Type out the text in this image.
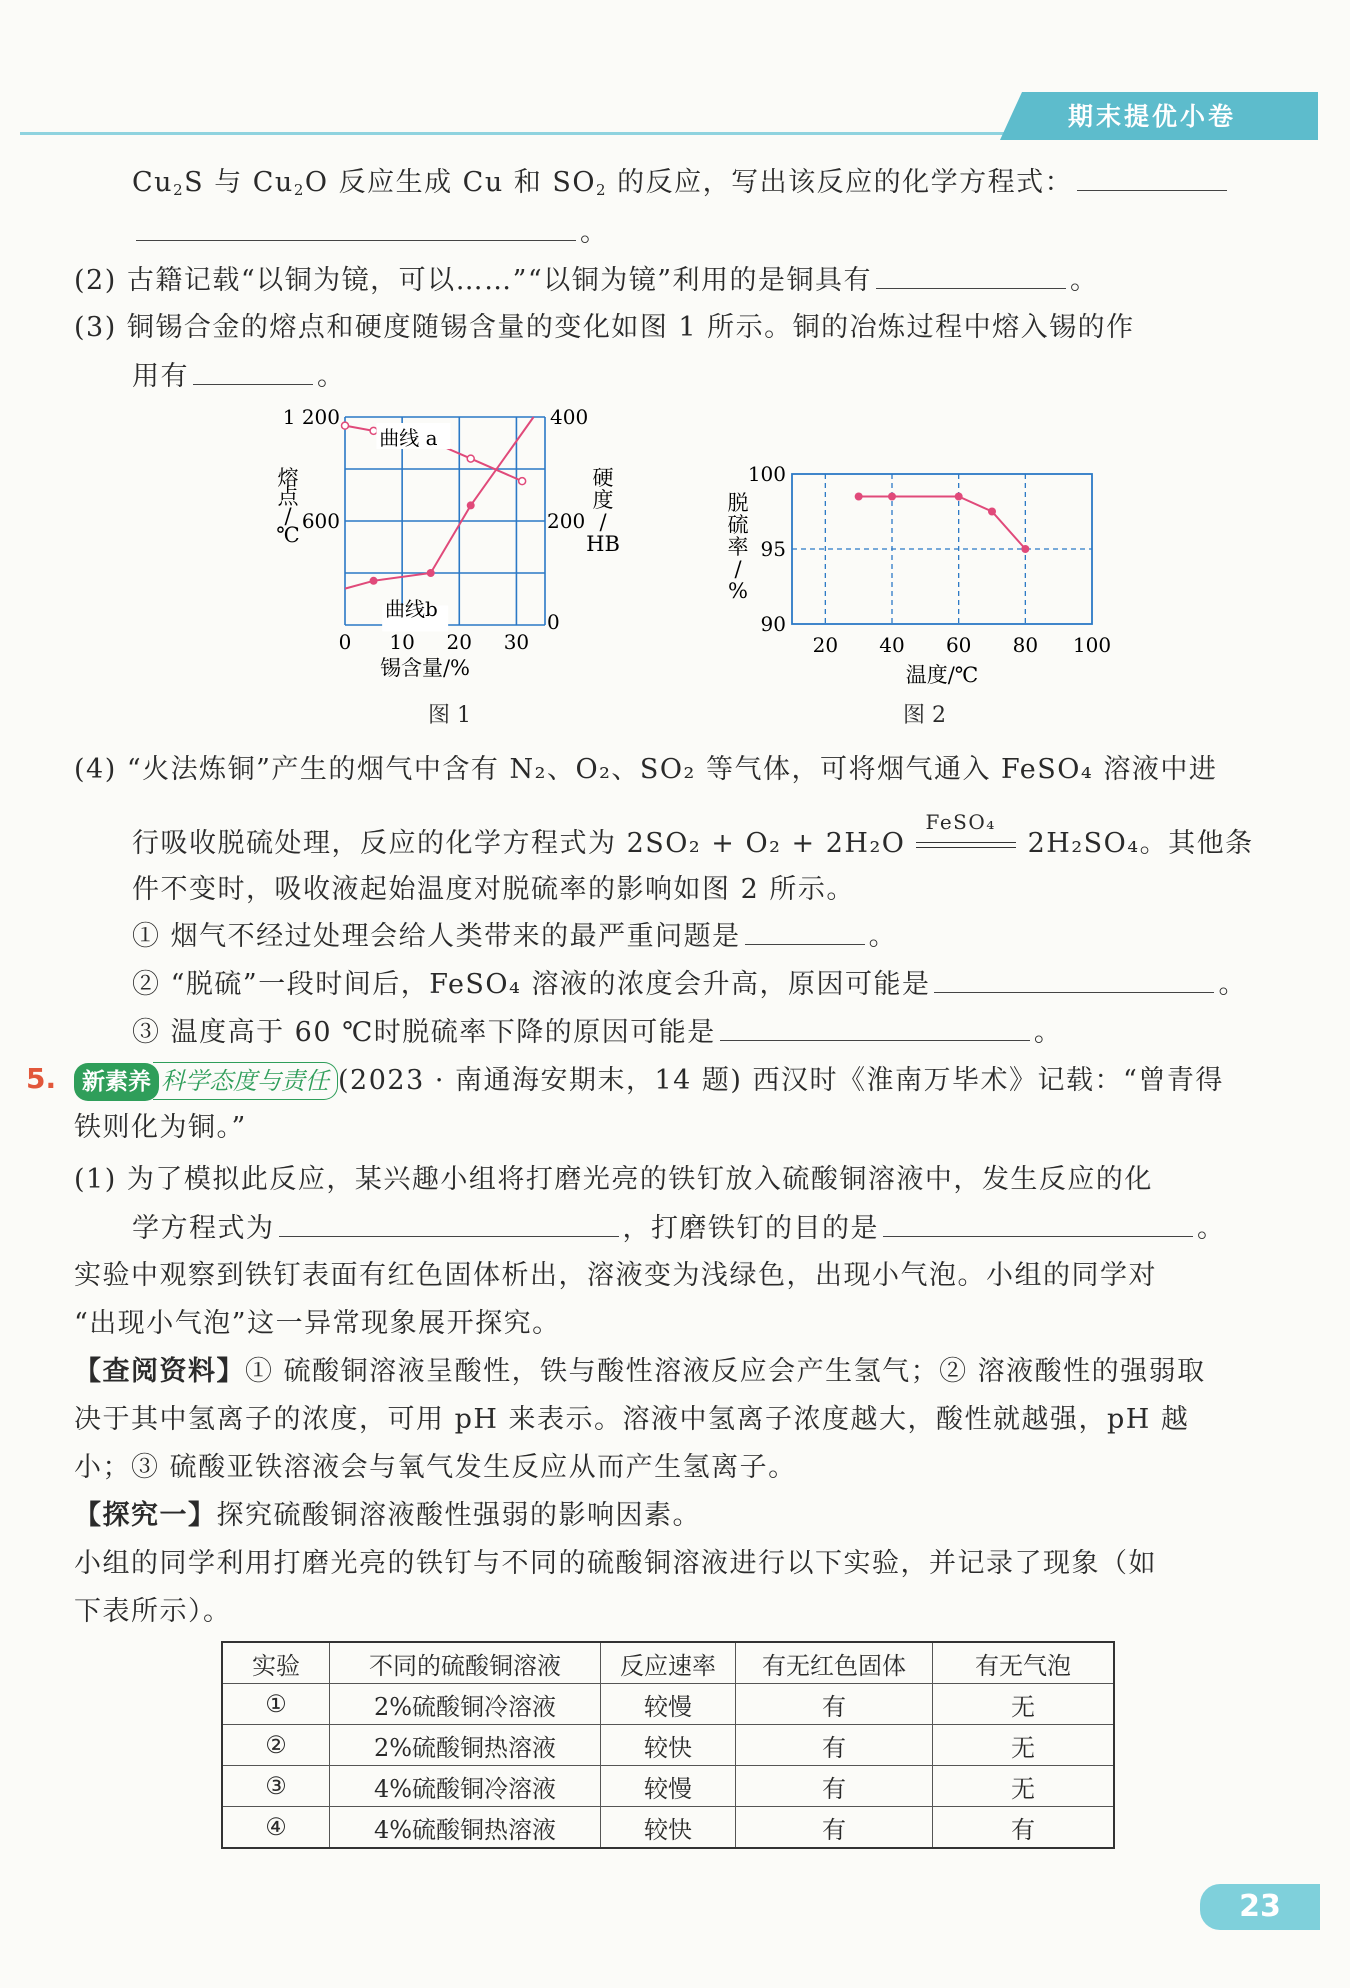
期末提优小卷
$Cu_2S$ 与 $Cu_2O$ 反应生成 Cu 和 $SO_2$ 的反应，写出该反应的化学方程式：
。
(2) 古籍记载“以铜为镜，可以……”“以铜为镜”利用的是铜具有	。
(3) 铜锡合金的熔点和硬度随锡含量的变化如图 1 所示。铜的冶炼过程中熔入锡的作
用有	。
曲线 a
曲线b
1 200
600
400
200
0
0 10 20 30
锡含量/%
熔
点
/
℃
硬
度
/
HB
图 1
100
95
90
20 40 60 80 100
温度/℃
脱
硫
率
/
%
图 2
(4) “火法炼铜”产生的烟气中含有 N₂、O₂、SO₂ 等气体，可将烟气通入 FeSO₄ 溶液中进
行吸收脱硫处理，反应的化学方程式为 2SO₂ + O₂ + 2H₂O
FeSO₄
2H₂SO₄。其他条
件不变时，吸收液起始温度对脱硫率的影响如图 2 所示。
① 烟气不经过处理会给人类带来的最严重问题是	。
② “脱硫”一段时间后，FeSO₄ 溶液的浓度会升高，原因可能是	。
③ 温度高于 60 ℃时脱硫率下降的原因可能是	。
5.	新素养 科学态度与责任 (2023 · 南通海安期末，14 题) 西汉时《淮南万毕术》记载：“曾青得
铁则化为铜。”
(1) 为了模拟此反应，某兴趣小组将打磨光亮的铁钉放入硫酸铜溶液中，发生反应的化
学方程式为	，打磨铁钉的目的是	。
实验中观察到铁钉表面有红色固体析出，溶液变为浅绿色，出现小气泡。小组的同学对
“出现小气泡”这一异常现象展开探究。
【查阅资料】① 硫酸铜溶液呈酸性，铁与酸性溶液反应会产生氢气；② 溶液酸性的强弱取
决于其中氢离子的浓度，可用 pH 来表示。溶液中氢离子浓度越大，酸性就越强，pH 越
小；③ 硫酸亚铁溶液会与氧气发生反应从而产生氢离子。
【探究一】探究硫酸铜溶液酸性强弱的影响因素。
小组的同学利用打磨光亮的铁钉与不同的硫酸铜溶液进行以下实验，并记录了现象（如
下表所示）。
实验	不同的硫酸铜溶液	反应速率	有无红色固体	有无气泡
①	2%硫酸铜冷溶液	较慢	有	无
②	2%硫酸铜热溶液	较快	有	无
③	4%硫酸铜冷溶液	较慢	有	无
④	4%硫酸铜热溶液	较快	有	有
23
